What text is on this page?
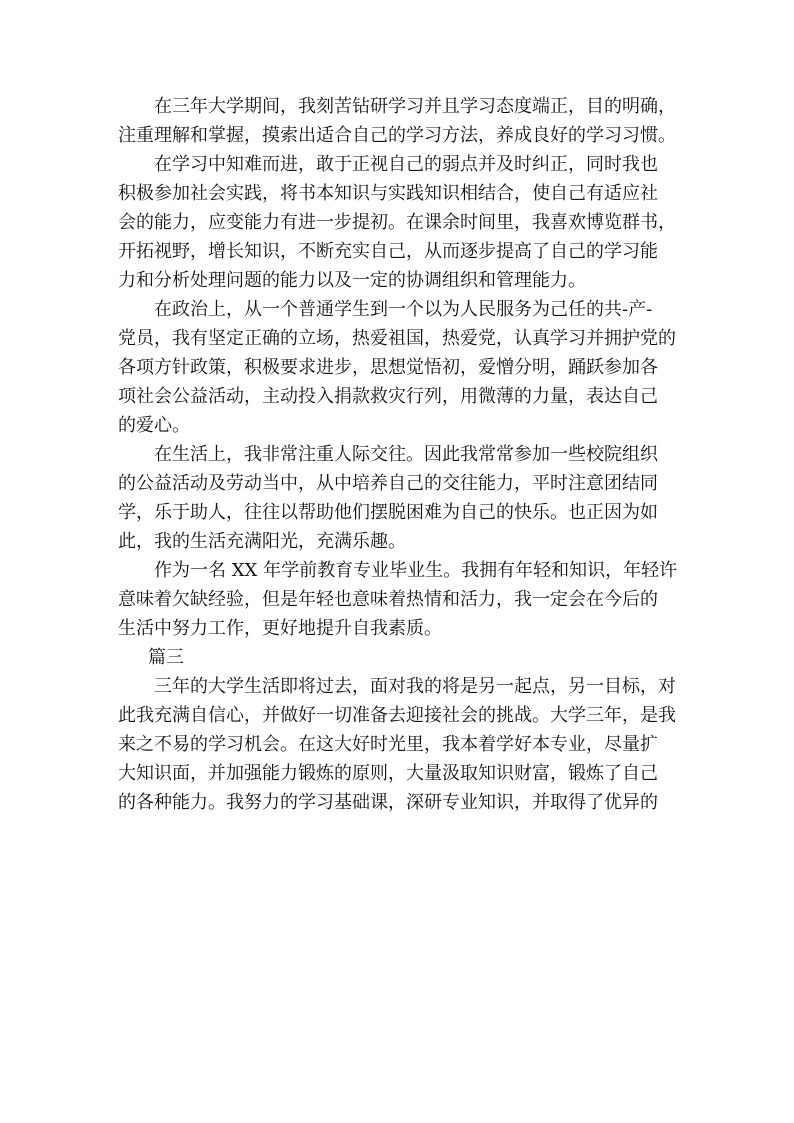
在三年大学期间，我刻苦钻研学习并且学习态度端正，目的明确，
注重理解和掌握，摸索出适合自己的学习方法，养成良好的学习习惯。

在学习中知难而进，敢于正视自己的弱点并及时纠正，同时我也
积极参加社会实践，将书本知识与实践知识相结合，使自己有适应社
会的能力，应变能力有进一步提初。在课余时间里，我喜欢博览群书，
开拓视野，增长知识，不断充实自己，从而逐步提高了自己的学习能
力和分析处理问题的能力以及一定的协调组织和管理能力。

在政治上，从一个普通学生到一个以为人民服务为己任的共-产-
党员，我有坚定正确的立场，热爱祖国，热爱党，认真学习并拥护党的
各项方针政策，积极要求进步，思想觉悟初，爱憎分明，踊跃参加各
项社会公益活动，主动投入捐款救灾行列，用微薄的力量，表达自己
的爱心。

在生活上，我非常注重人际交往。因此我常常参加一些校院组织
的公益活动及劳动当中，从中培养自己的交往能力，平时注意团结同
学，乐于助人，往往以帮助他们摆脱困难为自己的快乐。也正因为如
此，我的生活充满阳光，充满乐趣。

作为一名 XX 年学前教育专业毕业生。我拥有年轻和知识，年轻许
意味着欠缺经验，但是年轻也意味着热情和活力，我一定会在今后的
生活中努力工作，更好地提升自我素质。

篇三

三年的大学生活即将过去，面对我的将是另一起点，另一目标，对
此我充满自信心，并做好一切准备去迎接社会的挑战。大学三年，是我
来之不易的学习机会。在这大好时光里，我本着学好本专业，尽量扩
大知识面，并加强能力锻炼的原则，大量汲取知识财富，锻炼了自己
的各种能力。我努力的学习基础课，深研专业知识，并取得了优异的
